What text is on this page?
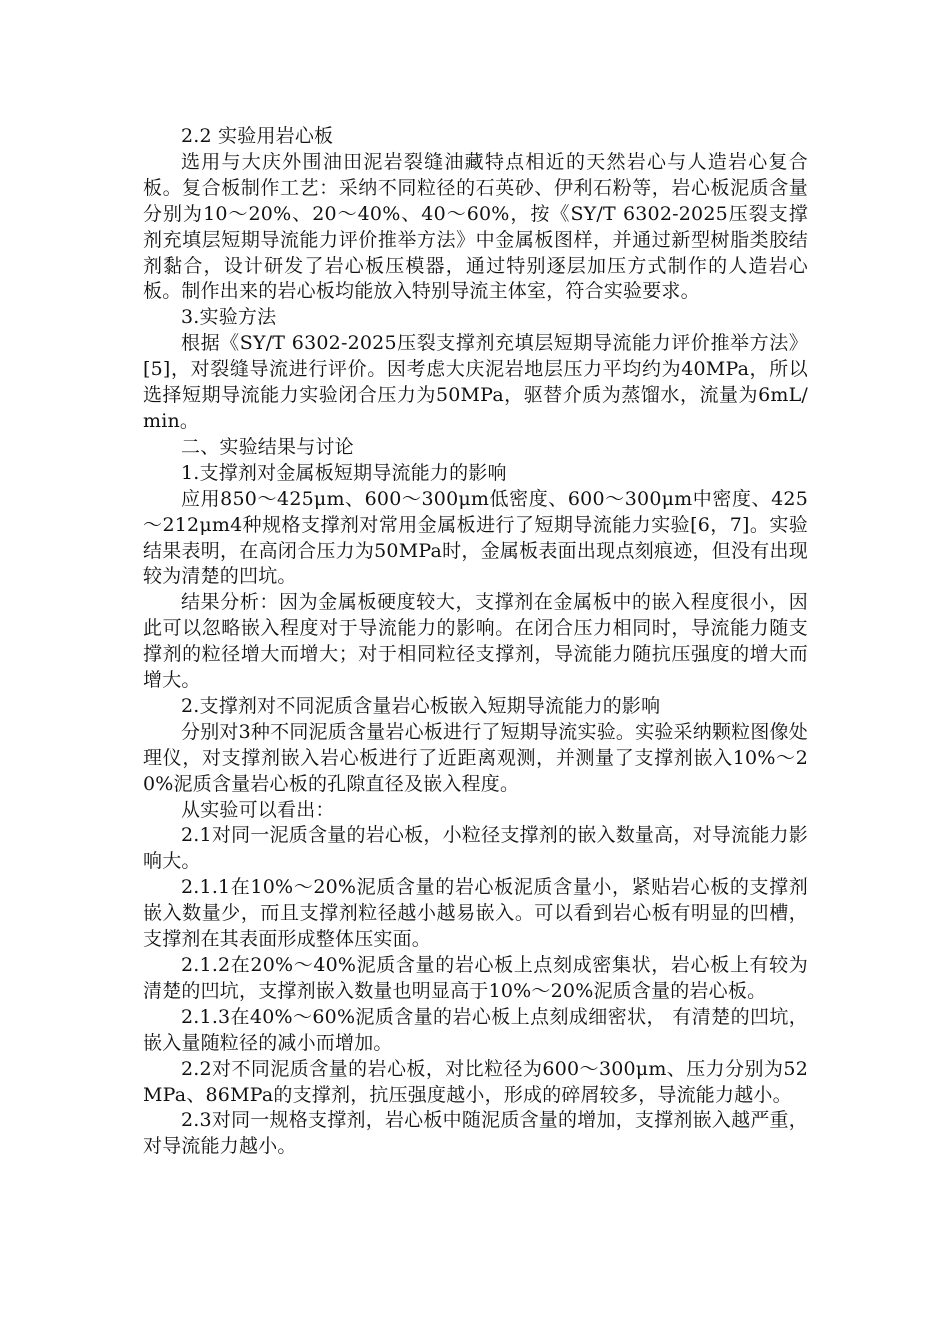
2.2 实验用岩心板

选用与大庆外围油田泥岩裂缝油藏特点相近的天然岩心与人造岩心复合板。复合板制作工艺：采纳不同粒径的石英砂、伊利石粉等，岩心板泥质含量分别为10～20%、20～40%、40～60%，按《SY/T 6302-2025压裂支撑剂充填层短期导流能力评价推举方法》中金属板图样，并通过新型树脂类胶结剂黏合，设计研发了岩心板压模器，通过特别逐层加压方式制作的人造岩心板。制作出来的岩心板均能放入特别导流主体室，符合实验要求。

3.实验方法

根据《SY/T 6302-2025压裂支撑剂充填层短期导流能力评价推举方法》[5]，对裂缝导流进行评价。因考虑大庆泥岩地层压力平均约为40MPa，所以选择短期导流能力实验闭合压力为50MPa，驱替介质为蒸馏水，流量为6mL/min。

二、实验结果与讨论

1.支撑剂对金属板短期导流能力的影响

应用850～425μm、600～300μm低密度、600～300μm中密度、425～212μm4种规格支撑剂对常用金属板进行了短期导流能力实验[6，7]。实验结果表明，在高闭合压力为50MPa时，金属板表面出现点刻痕迹，但没有出现较为清楚的凹坑。

结果分析：因为金属板硬度较大，支撑剂在金属板中的嵌入程度很小，因此可以忽略嵌入程度对于导流能力的影响。在闭合压力相同时，导流能力随支撑剂的粒径增大而增大；对于相同粒径支撑剂，导流能力随抗压强度的增大而增大。

2.支撑剂对不同泥质含量岩心板嵌入短期导流能力的影响

分别对3种不同泥质含量岩心板进行了短期导流实验。实验采纳颗粒图像处理仪，对支撑剂嵌入岩心板进行了近距离观测，并测量了支撑剂嵌入10%～20%泥质含量岩心板的孔隙直径及嵌入程度。

从实验可以看出：

2.1对同一泥质含量的岩心板，小粒径支撑剂的嵌入数量高，对导流能力影响大。

2.1.1在10%～20%泥质含量的岩心板泥质含量小，紧贴岩心板的支撑剂嵌入数量少，而且支撑剂粒径越小越易嵌入。可以看到岩心板有明显的凹槽，支撑剂在其表面形成整体压实面。

2.1.2在20%～40%泥质含量的岩心板上点刻成密集状，岩心板上有较为清楚的凹坑，支撑剂嵌入数量也明显高于10%～20%泥质含量的岩心板。

2.1.3在40%～60%泥质含量的岩心板上点刻成细密状， 有清楚的凹坑，嵌入量随粒径的减小而增加。

2.2对不同泥质含量的岩心板，对比粒径为600～300μm、压力分别为52MPa、86MPa的支撑剂，抗压强度越小，形成的碎屑较多，导流能力越小。

2.3对同一规格支撑剂，岩心板中随泥质含量的增加，支撑剂嵌入越严重，对导流能力越小。
